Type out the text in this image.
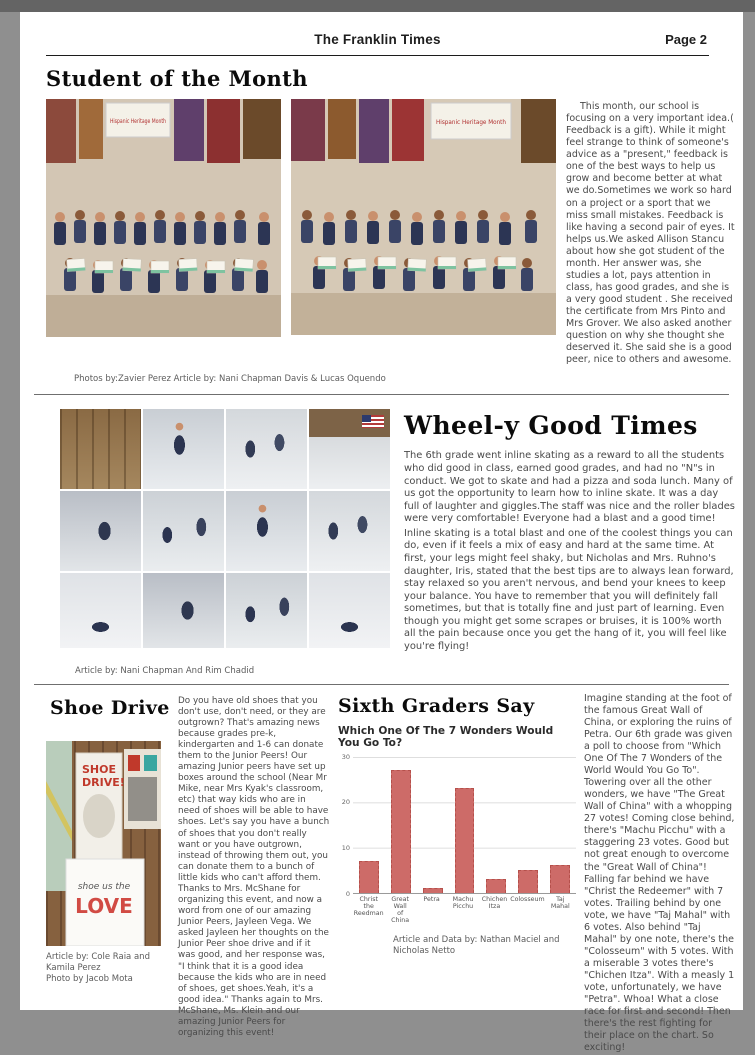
The Franklin Times	Page 2
Student of the Month
Hispanic Heritage Month	Hispanic Heritage Month

This month, our school is focusing on a very important idea.( Feedback is a gift). While it might feel strange to think of someone's advice as a "present," feedback is one of the best ways to help us grow and become better at what we do.Sometimes we work so hard on a project or a sport that we miss small mistakes. Feedback is like having a second pair of eyes. It helps us.We asked Allison Stancu about how she got student of the month. Her answer was, she studies a lot, pays attention in class, has good grades, and she is a very good student . She received the certificate from Mrs Pinto and Mrs Grover. We also asked another question on why she thought she deserved it. She said she is a good peer, nice to others and awesome.

Photos by:Zavier Perez Article by: Nani Chapman Davis & Lucas Oquendo
Wheel-y Good Times

The 6th grade went inline skating as a reward to all the students who did good in class, earned good grades, and had no "N"s in conduct. We got to skate and had a pizza and soda lunch. Many of us got the opportunity to learn how to inline skate. It was a day full of laughter and giggles.The staff was nice and the roller blades were very comfortable! Everyone had a blast and a good time!

Inline skating is a total blast and one of the coolest things you can do, even if it feels a mix of easy and hard at the same time. At first, your legs might feel shaky, but Nicholas and Mrs. Ruhno's daughter, Iris, stated that the best tips are to always lean forward, stay relaxed so you aren't nervous, and bend your knees to keep your balance. You have to remember that you will definitely fall sometimes, but that is totally fine and just part of learning. Even though you might get some scrapes or bruises, it is 100% worth all the pain because once you get the hang of it, you will feel like you're flying!

Article by: Nani Chapman And Rim Chadid
Shoe Drive
SHOE
DRIVE!
shoe us the
LOVE
Article by: Cole Raia and Kamila Perez
Photo by Jacob Mota

Do you have old shoes that you don't use, don't need, or they are outgrown? That's amazing news because grades pre-k, kindergarten and 1-6 can donate them to the Junior Peers! Our amazing Junior peers have set up boxes around the school (Near Mr Mike, near Mrs Kyak's classroom, etc) that way kids who are in need of shoes will be able to have shoes. Let's say you have a bunch of shoes that you don't really want or you have outgrown, instead of throwing them out, you can donate them to a bunch of little kids who can't afford them. Thanks to Mrs. McShane for organizing this event, and now a word from one of our amazing Junior Peers, Jayleen Vega. We asked Jayleen her thoughts on the Junior Peer shoe drive and if it was good, and her response was, "I think that it is a good idea because the kids who are in need of shoes, get shoes.Yeah, it's a good idea." Thanks again to Mrs. McShane, Ms. Klein and our amazing Junior Peers for organizing this event!

Sixth Graders Say
Which One Of The 7 Wonders Would You Go To?
0
10
20
30
Christ the Reedman
Great Wall of China
Petra	Machu Picchu
Chichen Itza
Colosseum	Taj Mahal
Article and Data by: Nathan Maciel and Nicholas Netto

Imagine standing at the foot of the famous Great Wall of China, or exploring the ruins of Petra. Our 6th grade was given a poll to choose from "Which One Of The 7 Wonders of the World Would You Go To". Towering over all the other wonders, we have "The Great Wall of China" with a whopping 27 votes! Coming close behind, there's "Machu Picchu" with a staggering 23 votes. Good but not great enough to overcome the "Great Wall of China"! Falling far behind we have "Christ the Redeemer" with 7 votes. Trailing behind by one vote, we have "Taj Mahal" with 6 votes. Also behind "Taj Mahal" by one note, there's the "Colosseum" with 5 votes. With a miserable 3 votes there's "Chichen Itza". With a measly 1 vote, unfortunately, we have "Petra". Whoa! What a close race for first and second! Then there's the rest fighting for their place on the chart. So exciting!
